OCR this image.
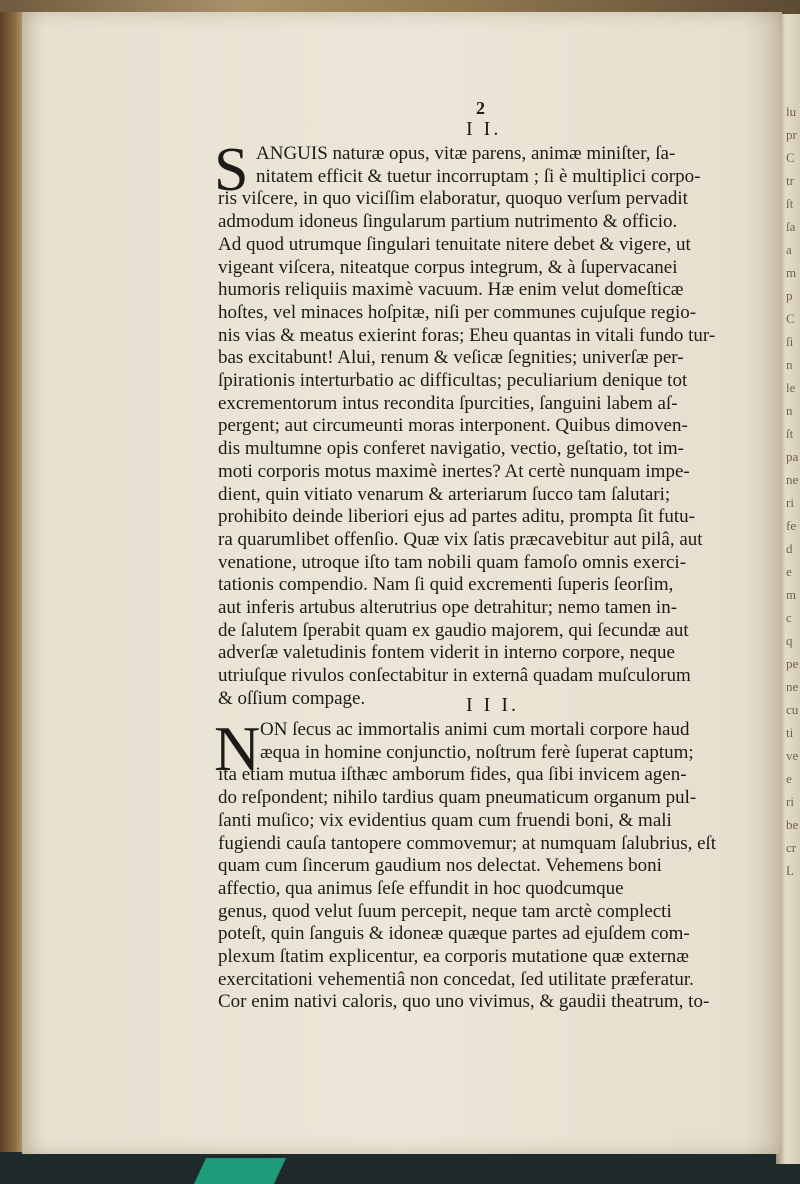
lu
pr
C
tr
ſt
ſa
a
m
p
C
ſi
n
le
n
ſt
pa
ne
ri
fe
d
e
m
c
q
pe
ne
cu
ti
ve
e
ri
be
cr
L
2
I I.
S ANGUIS naturæ opus, vitæ parens, animæ miniſter, ſa-
nitatem efficit & tuetur incorruptam ; ſi è multiplici corpo-
ris viſcere, in quo viciſſim elaboratur, quoquo verſum pervadit
admodum idoneus ſingularum partium nutrimento & officio.
Ad quod utrumque ſingulari tenuitate nitere debet & vigere, ut
vigeant viſcera, niteatque corpus integrum, & à ſupervacanei
humoris reliquiis maximè vacuum. Hæ enim velut domeſticæ
hoſtes, vel minaces hoſpitæ, niſi per communes cujuſque regio-
nis vias & meatus exierint foras; Eheu quantas in vitali fundo tur-
bas excitabunt! Alui, renum & veſicæ ſegnities; univerſæ per-
ſpirationis interturbatio ac difficultas; peculiarium denique tot
excrementorum intus recondita ſpurcities, ſanguini labem aſ-
pergent; aut circumeunti moras interponent. Quibus dimoven-
dis multumne opis conferet navigatio, vectio, geſtatio, tot im-
moti corporis motus maximè inertes? At certè nunquam impe-
dient, quin vitiato venarum & arteriarum ſucco tam ſalutari;
prohibito deinde liberiori ejus ad partes aditu, prompta ſit futu-
ra quarumlibet offenſio. Quæ vix ſatis præcavebitur aut pilâ, aut
venatione, utroque iſto tam nobili quam famoſo omnis exerci-
tationis compendio. Nam ſi quid excrementi ſuperis ſeorſim,
aut inferis artubus alterutrius ope detrahitur; nemo tamen in-
de ſalutem ſperabit quam ex gaudio majorem, qui ſecundæ aut
adverſæ valetudinis fontem viderit in interno corpore, neque
utriuſque rivulos conſectabitur in externâ quadam muſculorum
& oſſium compage.	I I I.
N ON ſecus ac immortalis animi cum mortali corpore haud
æqua in homine conjunctio, noſtrum ferè ſuperat captum;
ita etiam mutua iſthæc amborum fides, qua ſibi invicem agen-
do reſpondent; nihilo tardius quam pneumaticum organum pul-
ſanti muſico; vix evidentius quam cum fruendi boni, & mali
fugiendi cauſa tantopere commovemur; at numquam ſalubrius, eſt
quam cum ſincerum gaudium nos delectat. Vehemens boni
affectio, qua animus ſeſe effundit in hoc quodcumque
genus, quod velut ſuum percepit, neque tam arctè complecti
poteſt, quin ſanguis & idoneæ quæque partes ad ejuſdem com-
plexum ſtatim explicentur, ea corporis mutatione quæ externæ
exercitationi vehementiâ non concedat, ſed utilitate præferatur.
Cor enim nativi caloris, quo uno vivimus, & gaudii theatrum, to-
